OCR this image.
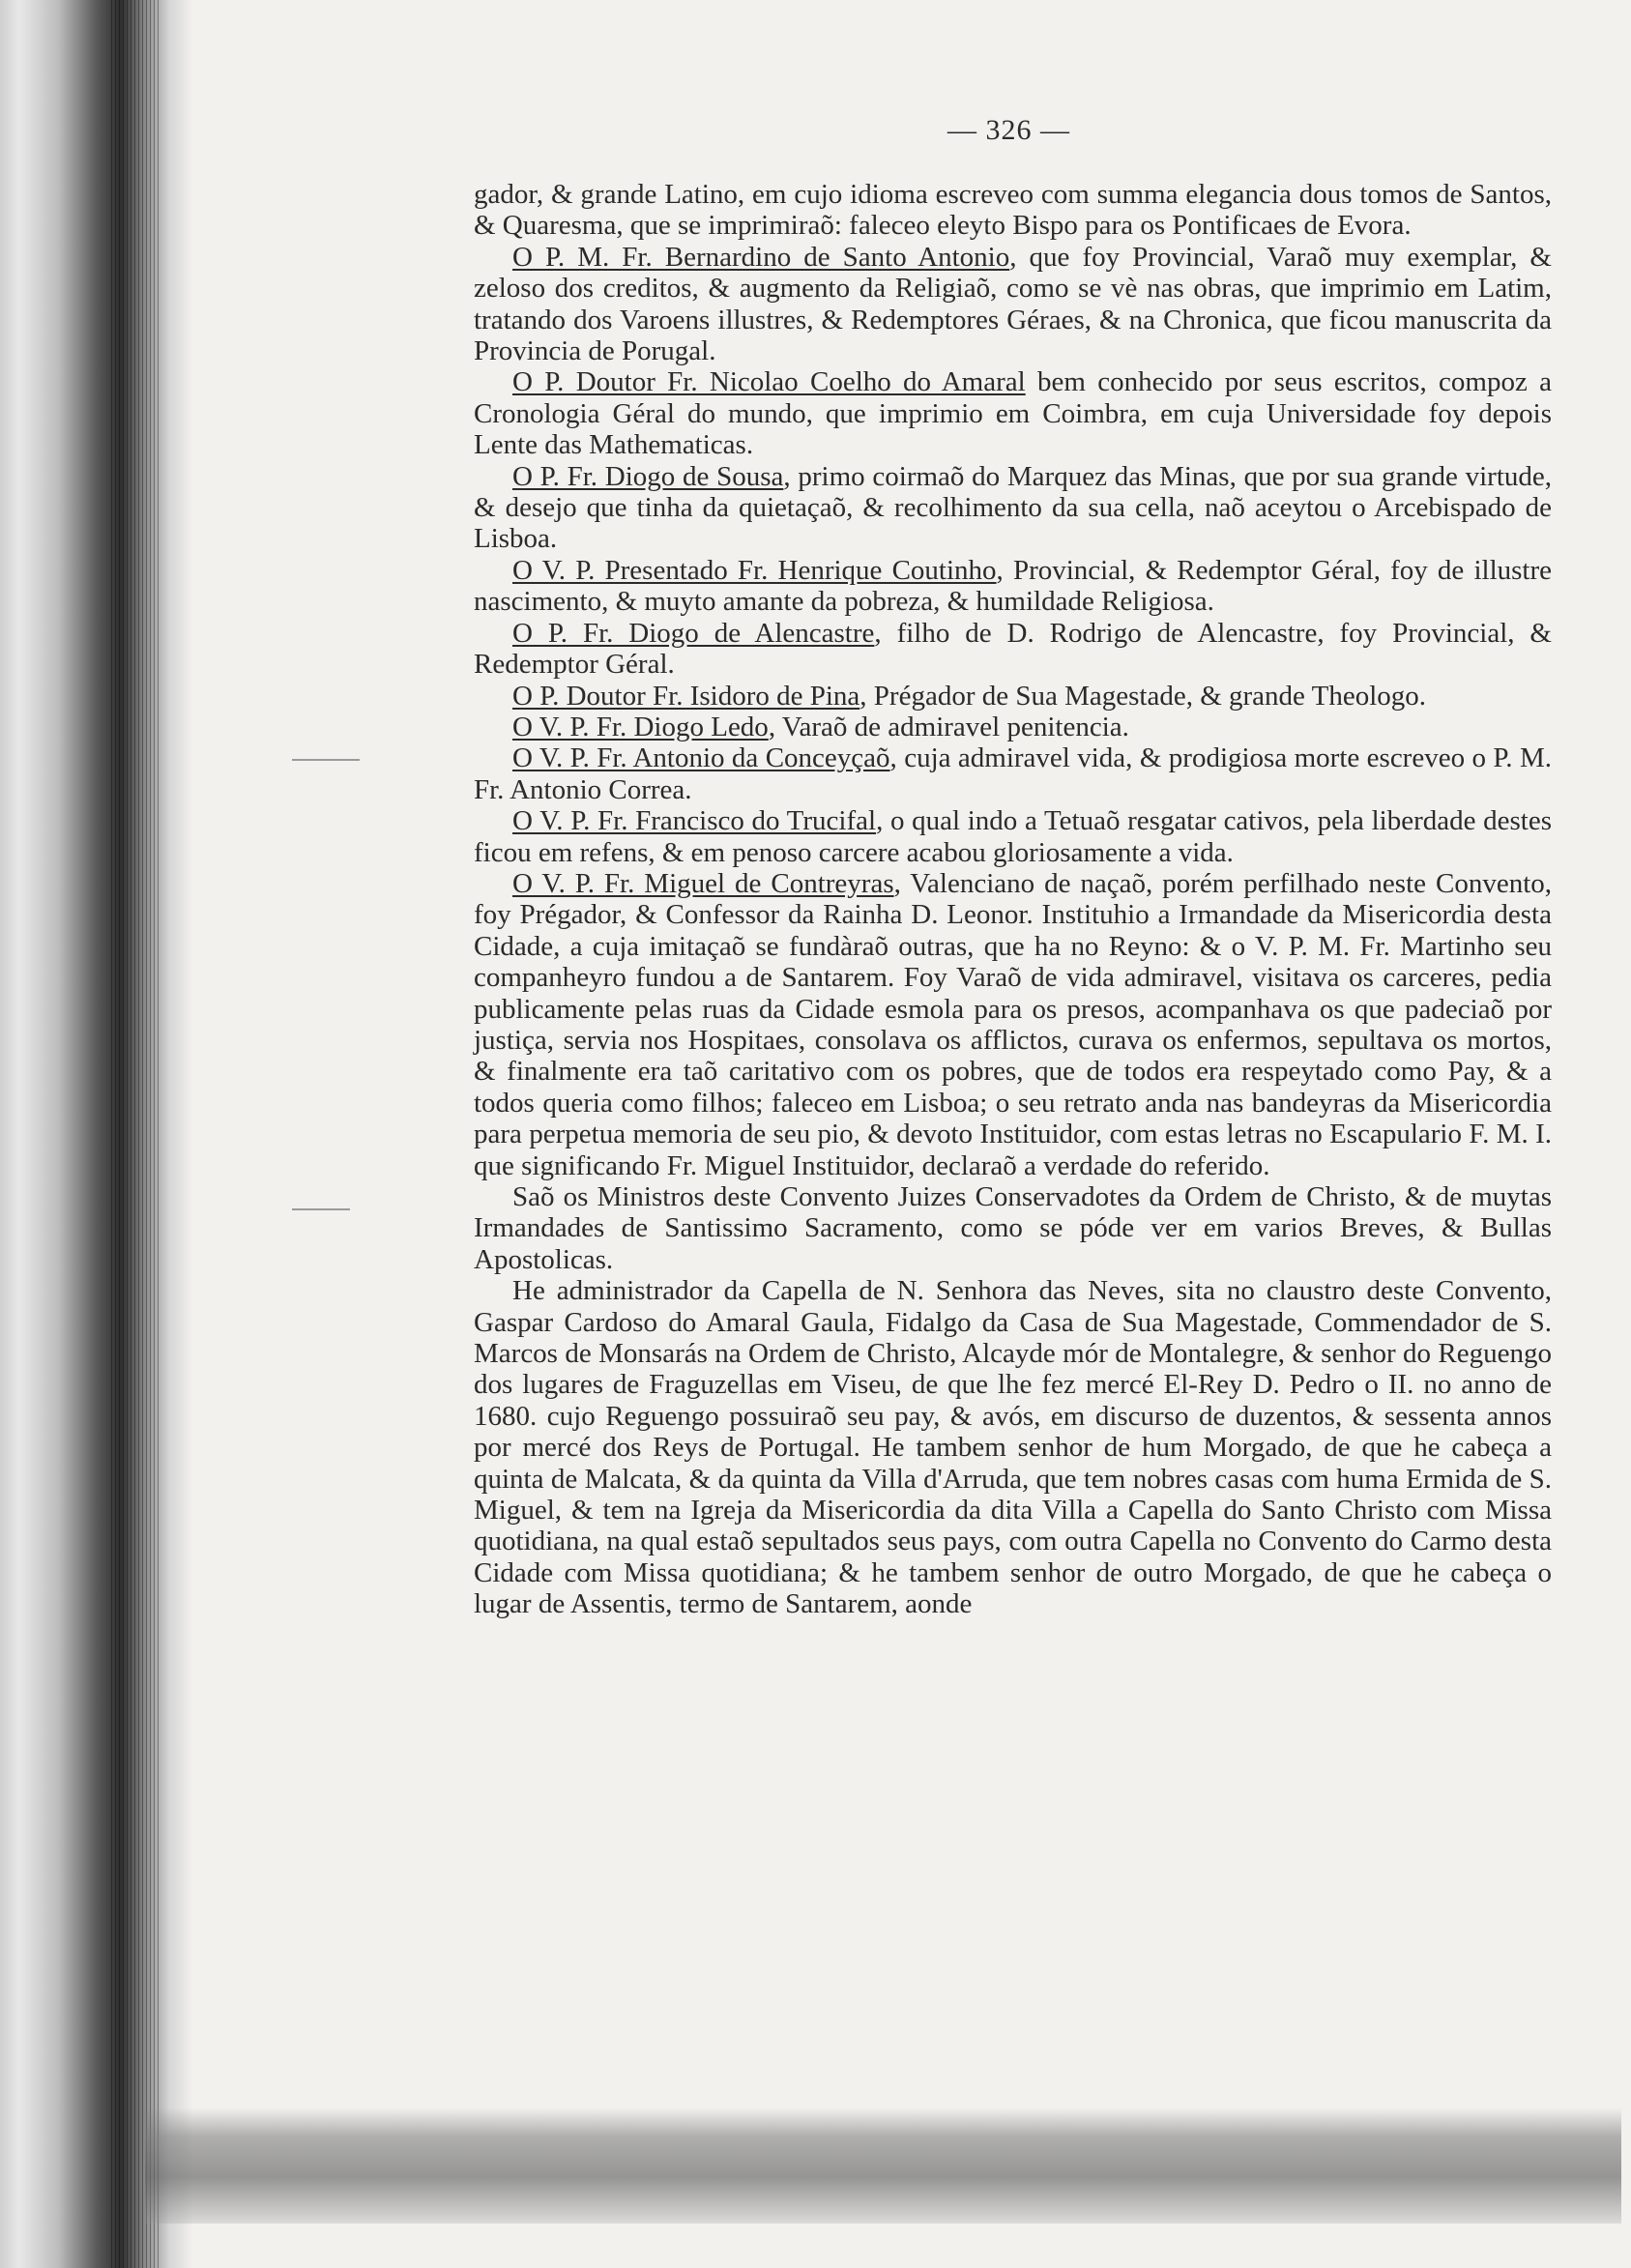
— 326 —

gador, & grande Latino, em cujo idioma escreveo com summa elegancia dous tomos de Santos, & Quaresma, que se imprimiraõ: faleceo eleyto Bispo para os Pontificaes de Evora.

O P. M. Fr. Bernardino de Santo Antonio, que foy Provincial, Varaõ muy exemplar, & zeloso dos creditos, & augmento da Religiaõ, como se vè nas obras, que imprimio em Latim, tratando dos Varoens illustres, & Redemptores Géraes, & na Chronica, que ficou manuscrita da Provincia de Porugal.

O P. Doutor Fr. Nicolao Coelho do Amaral bem conhecido por seus escritos, compoz a Cronologia Géral do mundo, que imprimio em Coimbra, em cuja Universidade foy depois Lente das Mathematicas.

O P. Fr. Diogo de Sousa, primo coirmaõ do Marquez das Minas, que por sua grande virtude, & desejo que tinha da quietaçaõ, & recolhimento da sua cella, naõ aceytou o Arcebispado de Lisboa.

O V. P. Presentado Fr. Henrique Coutinho, Provincial, & Redemptor Géral, foy de illustre nascimento, & muyto amante da pobreza, & humildade Religiosa.

O P. Fr. Diogo de Alencastre, filho de D. Rodrigo de Alencastre, foy Provincial, & Redemptor Géral.

O P. Doutor Fr. Isidoro de Pina, Prégador de Sua Magestade, & grande Theologo.

O V. P. Fr. Diogo Ledo, Varaõ de admiravel penitencia.

O V. P. Fr. Antonio da Conceyçaõ, cuja admiravel vida, & prodigiosa morte escreveo o P. M. Fr. Antonio Correa.

O V. P. Fr. Francisco do Trucifal, o qual indo a Tetuaõ resgatar cativos, pela liberdade destes ficou em refens, & em penoso carcere acabou gloriosamente a vida.

O V. P. Fr. Miguel de Contreyras, Valenciano de naçaõ, porém perfilhado neste Convento, foy Prégador, & Confessor da Rainha D. Leonor. Instituhio a Irmandade da Misericordia desta Cidade, a cuja imitaçaõ se fundàraõ outras, que ha no Reyno: & o V. P. M. Fr. Martinho seu companheyro fundou a de Santarem. Foy Varaõ de vida admiravel, visitava os carceres, pedia publicamente pelas ruas da Cidade esmola para os presos, acompanhava os que padeciaõ por justiça, servia nos Hospitaes, consolava os afflictos, curava os enfermos, sepultava os mortos, & finalmente era taõ caritativo com os pobres, que de todos era respeytado como Pay, & a todos queria como filhos; faleceo em Lisboa; o seu retrato anda nas bandeyras da Misericordia para perpetua memoria de seu pio, & devoto Instituidor, com estas letras no Escapulario F. M. I. que significando Fr. Miguel Instituidor, declaraõ a verdade do referido.

Saõ os Ministros deste Convento Juizes Conservadotes da Ordem de Christo, & de muytas Irmandades de Santissimo Sacramento, como se póde ver em varios Breves, & Bullas Apostolicas.

He administrador da Capella de N. Senhora das Neves, sita no claustro deste Convento, Gaspar Cardoso do Amaral Gaula, Fidalgo da Casa de Sua Magestade, Commendador de S. Marcos de Monsarás na Ordem de Christo, Alcayde mór de Montalegre, & senhor do Reguengo dos lugares de Fraguzellas em Viseu, de que lhe fez mercé El-Rey D. Pedro o II. no anno de 1680. cujo Reguengo possuiraõ seu pay, & avós, em discurso de duzentos, & sessenta annos por mercé dos Reys de Portugal. He tambem senhor de hum Morgado, de que he cabeça a quinta de Malcata, & da quinta da Villa d'Arruda, que tem nobres casas com huma Ermida de S. Miguel, & tem na Igreja da Misericordia da dita Villa a Capella do Santo Christo com Missa quotidiana, na qual estaõ sepultados seus pays, com outra Capella no Convento do Carmo desta Cidade com Missa quotidiana; & he tambem senhor de outro Morgado, de que he cabeça o lugar de Assentis, termo de Santarem, aonde
